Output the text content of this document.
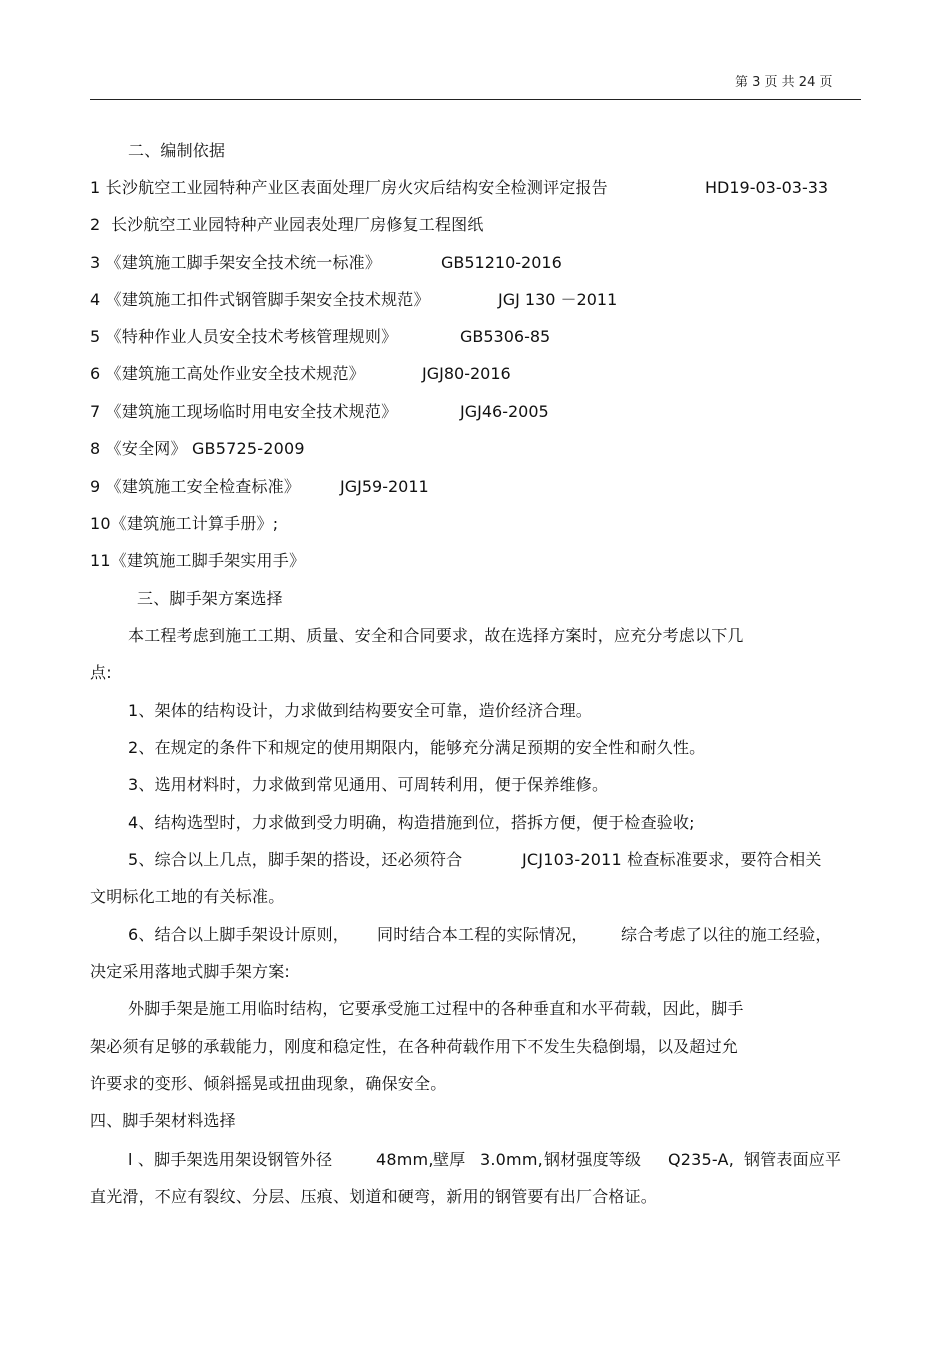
第 3 页 共 24 页
二、编制依据
1 长沙航空工业园特种产业区表面处理厂房火灾后结构安全检测评定报告	HD19-03-03-33
2  长沙航空工业园特种产业园表处理厂房修复工程图纸
3 《建筑施工脚手架安全技术统一标准》	GB51210-2016
4 《建筑施工扣件式钢管脚手架安全技术规范》	JGJ 130 －2011
5 《特种作业人员安全技术考核管理规则》	GB5306-85
6 《建筑施工高处作业安全技术规范》	JGJ80-2016
7 《建筑施工现场临时用电安全技术规范》	JGJ46-2005
8 《安全网》 GB5725-2009
9 《建筑施工安全检查标准》 JGJ59-2011
10《建筑施工计算手册》;
11《建筑施工脚手架实用手》
三、脚手架方案选择
本工程考虑到施工工期、质量、安全和合同要求，故在选择方案时，应充分考虑以下几
点:
1、架体的结构设计，力求做到结构要安全可靠，造价经济合理。
2、在规定的条件下和规定的使用期限内，能够充分满足预期的安全性和耐久性。
3、选用材料时，力求做到常见通用、可周转利用，便于保养维修。
4、结构选型时，力求做到受力明确，构造措施到位，搭拆方便，便于检查验收;
5、综合以上几点，脚手架的搭设，还必须符合	JCJ103-2011 检查标准要求，要符合相关
文明标化工地的有关标准。
6、结合以上脚手架设计原则， 同时结合本工程的实际情况， 综合考虑了以往的施工经验，
决定采用落地式脚手架方案:
外脚手架是施工用临时结构，它要承受施工过程中的各种垂直和水平荷载，因此，脚手
架必须有足够的承载能力，刚度和稳定性，在各种荷载作用下不发生失稳倒塌，以及超过允
许要求的变形、倾斜摇晃或扭曲现象，确保安全。
四、脚手架材料选择
l 、脚手架选用架设钢管外径	48mm, 壁厚 3.0mm, 钢材强度等级 Q235-A, 钢管表面应平
直光滑，不应有裂纹、分层、压痕、划道和硬弯，新用的钢管要有出厂合格证。
